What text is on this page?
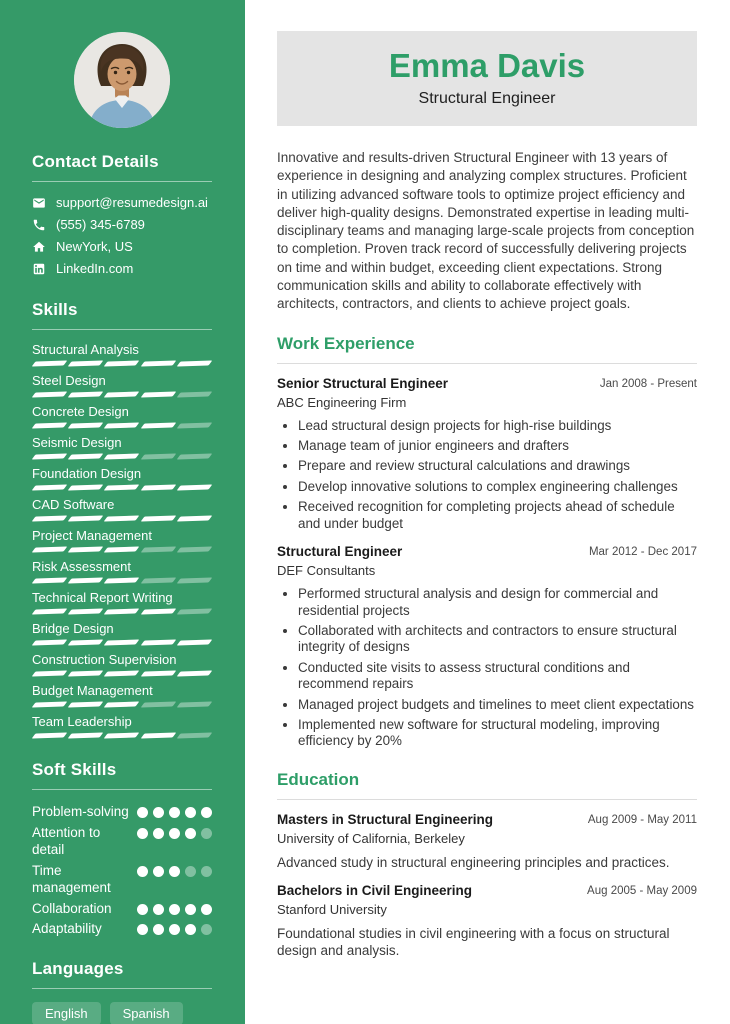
Contact Details
support@resumedesign.ai
(555) 345-6789
NewYork, US
LinkedIn.com
Skills
Structural Analysis
Steel Design
Concrete Design
Seismic Design
Foundation Design
CAD Software
Project Management
Risk Assessment
Technical Report Writing
Bridge Design
Construction Supervision
Budget Management
Team Leadership
Soft Skills
Problem-solving
Attention to detail
Time management
Collaboration
Adaptability
Languages
English	Spanish
Emma Davis
Structural Engineer

Innovative and results-driven Structural Engineer with 13 years of experience in designing and analyzing complex structures. Proficient in utilizing advanced software tools to optimize project efficiency and deliver high-quality designs. Demonstrated expertise in leading multi-disciplinary teams and managing large-scale projects from conception to completion. Proven track record of successfully delivering projects on time and within budget, exceeding client expectations. Strong communication skills and ability to collaborate effectively with architects, contractors, and clients to achieve project goals.

Work Experience
Senior Structural Engineer
ABC Engineering Firm
Jan 2008 - Present
• Lead structural design projects for high-rise buildings
• Manage team of junior engineers and drafters
• Prepare and review structural calculations and drawings
• Develop innovative solutions to complex engineering challenges
• Received recognition for completing projects ahead of schedule and under budget
Structural Engineer
DEF Consultants
Mar 2012 - Dec 2017
• Performed structural analysis and design for commercial and residential projects
• Collaborated with architects and contractors to ensure structural integrity of designs
• Conducted site visits to assess structural conditions and recommend repairs
• Managed project budgets and timelines to meet client expectations
• Implemented new software for structural modeling, improving efficiency by 20%
Education
Masters in Structural Engineering
University of California, Berkeley
Aug 2009 - May 2011

Advanced study in structural engineering principles and practices.

Bachelors in Civil Engineering
Stanford University
Aug 2005 - May 2009

Foundational studies in civil engineering with a focus on structural design and analysis.
